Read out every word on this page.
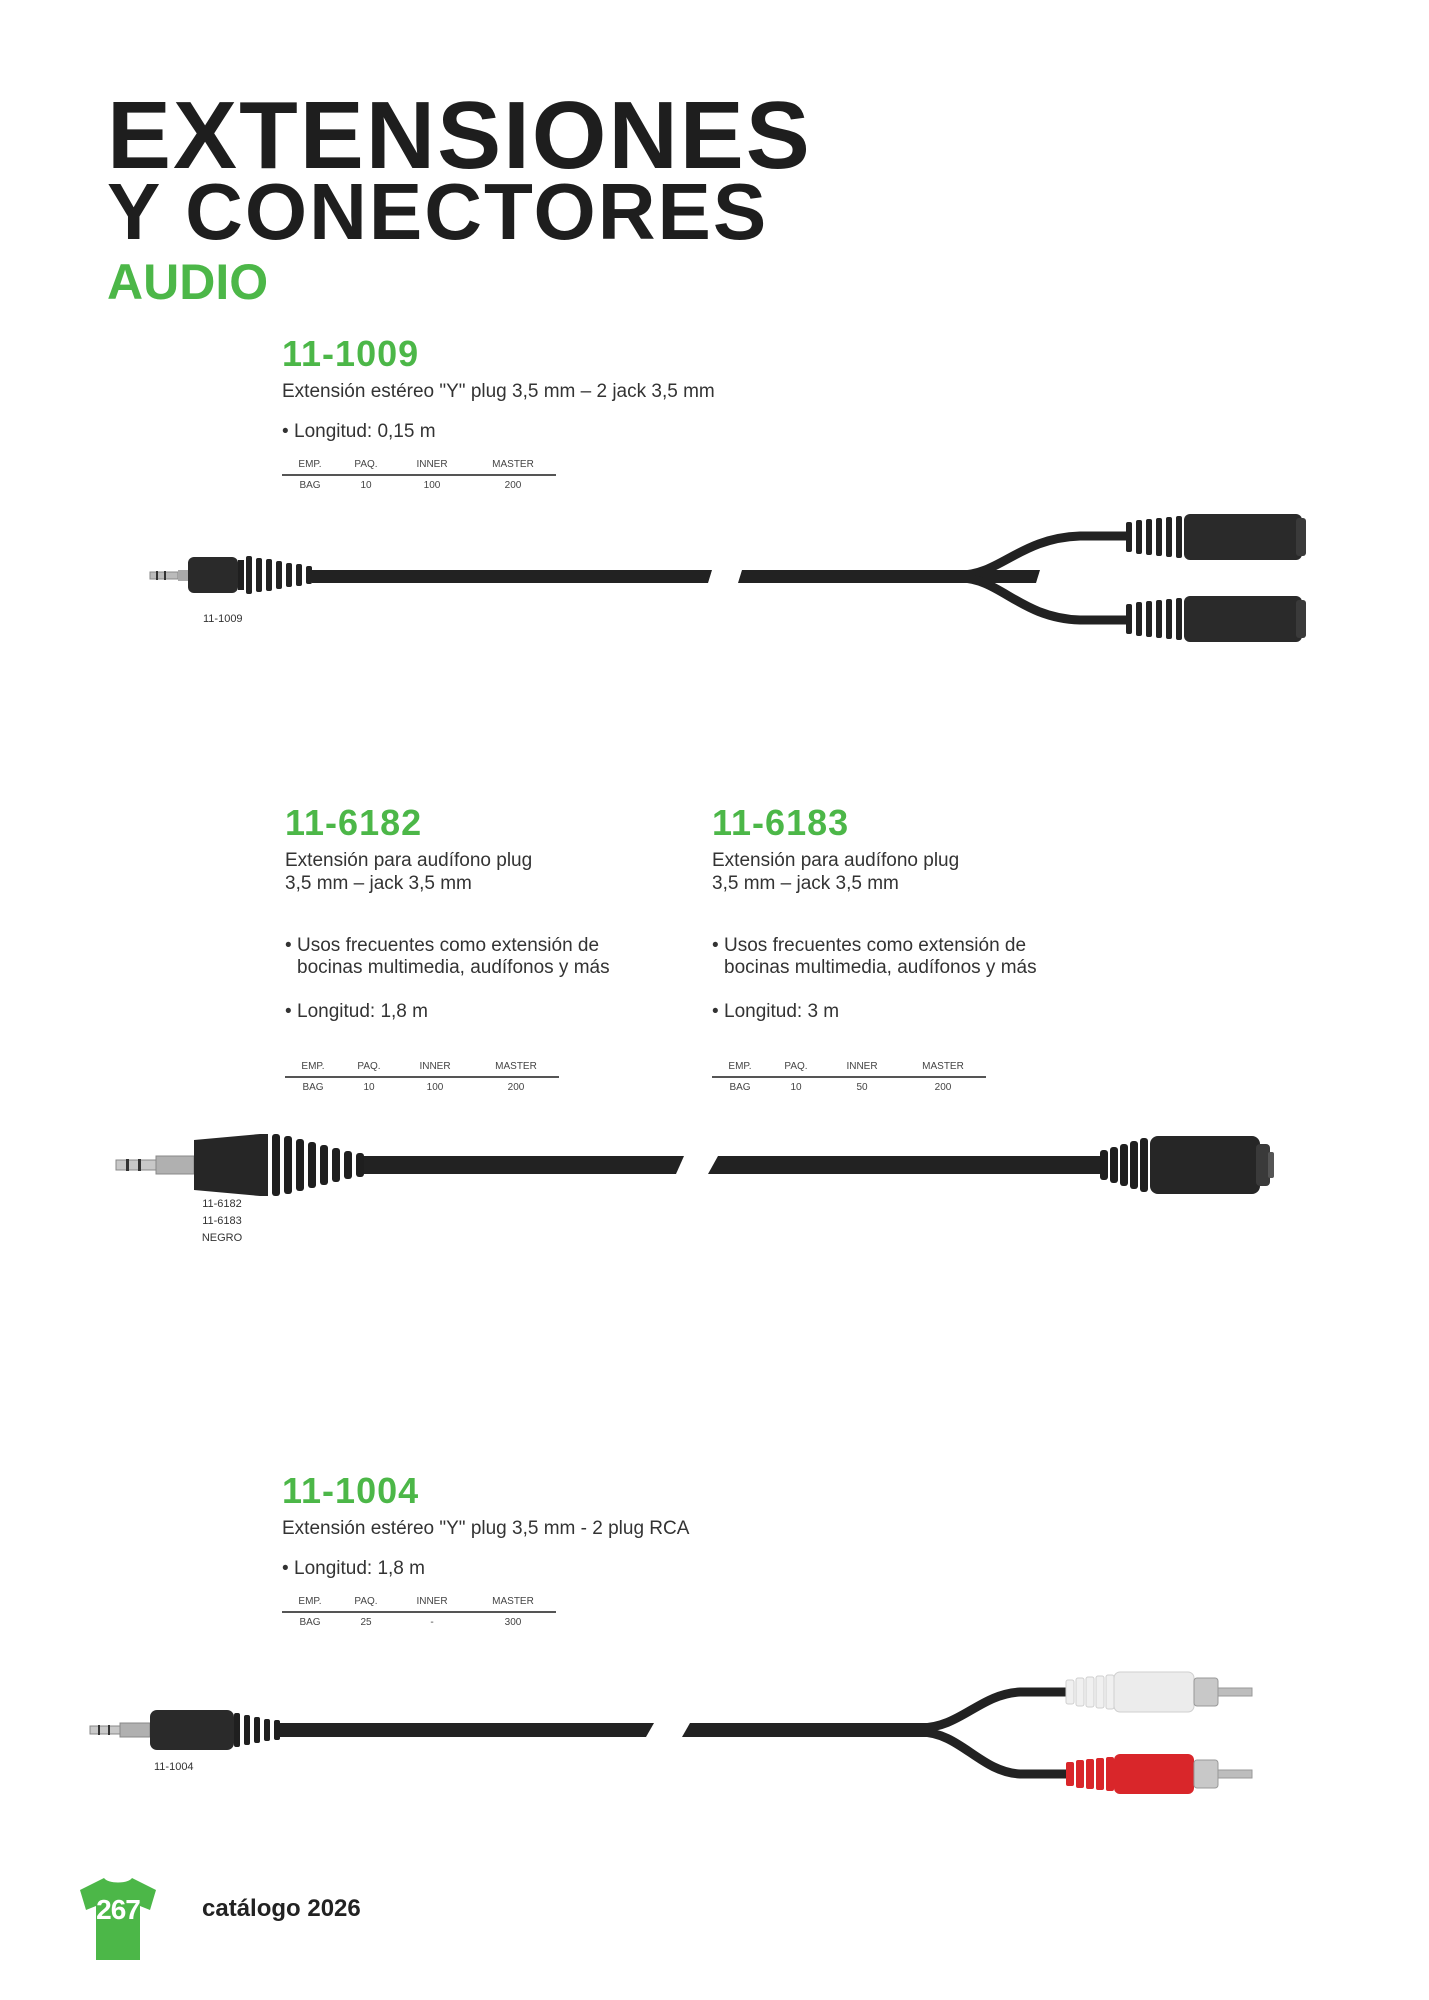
EXTENSIONES
Y CONECTORES
AUDIO
11-1009
Extensión estéreo "Y" plug 3,5 mm – 2 jack 3,5 mm
• Longitud: 0,15 m
EMP.	PAQ.	INNER	MASTER
BAG	10	100	200
11-1009
11-6182
Extensión para audífono plug
3,5 mm – jack 3,5 mm

• Usos frecuentes como extensión de
bocinas multimedia, audífonos y más

• Longitud: 1,8 m

EMP.	PAQ.	INNER	MASTER
BAG	10	100	200
11-6183
Extensión para audífono plug
3,5 mm – jack 3,5 mm

• Usos frecuentes como extensión de
bocinas multimedia, audífonos y más

• Longitud: 3 m

EMP.	PAQ.	INNER	MASTER
BAG	10	50	200
11-6182
11-6183
NEGRO
11-1004
Extensión estéreo "Y" plug 3,5 mm - 2 plug RCA
• Longitud: 1,8 m
EMP.	PAQ.	INNER	MASTER
BAG	25	-	300
11-1004
267	catálogo 2026
